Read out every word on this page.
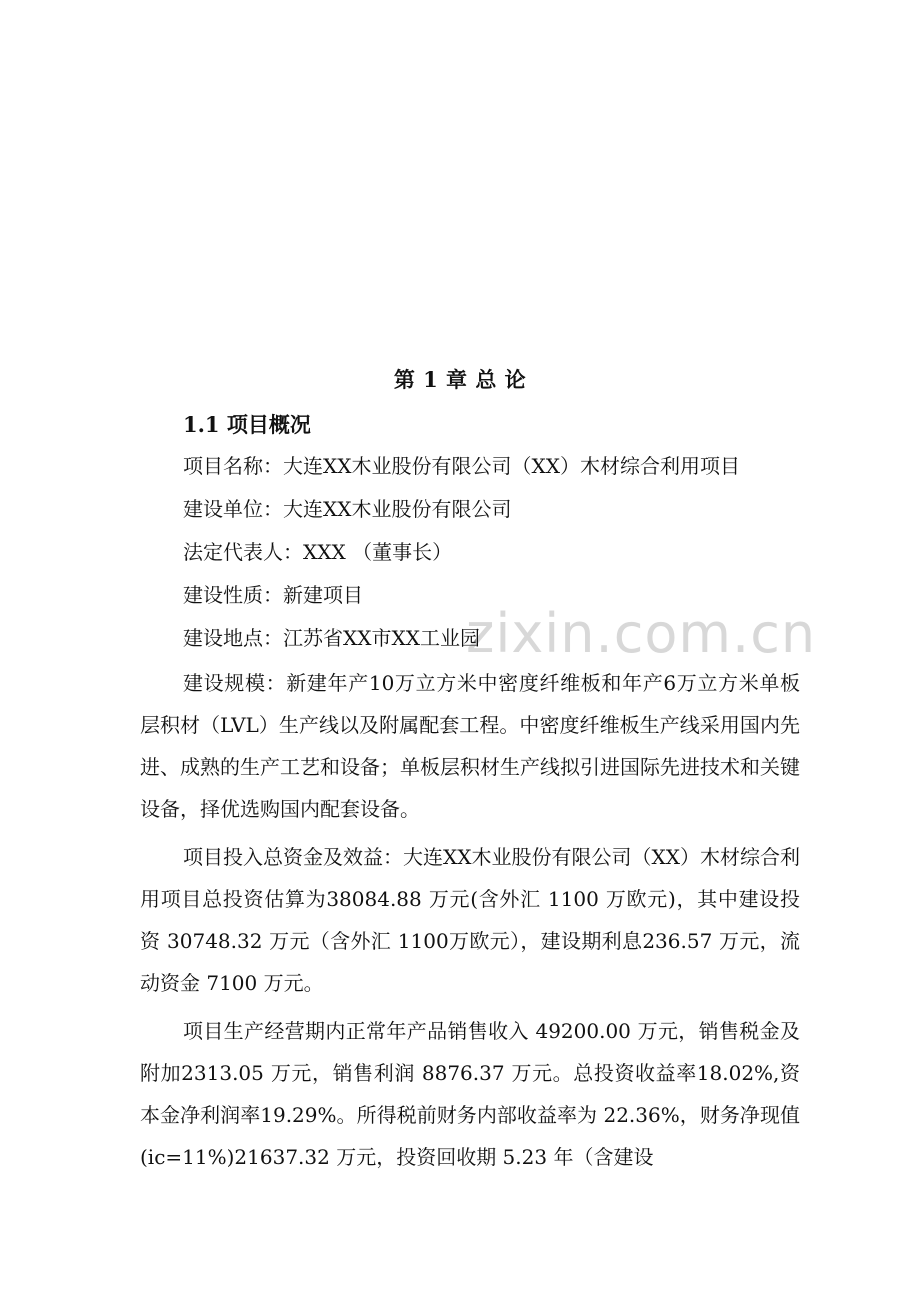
zixin.com.cn
第 1 章 总 论
1.1 项目概况
项目名称：大连XX木业股份有限公司（XX）木材综合利用项目
建设单位：大连XX木业股份有限公司
法定代表人：XXX （董事长）
建设性质：新建项目
建设地点：江苏省XX市XX工业园

建设规模：新建年产10万立方米中密度纤维板和年产6万立方米单板层积材（LVL）生产线以及附属配套工程。中密度纤维板生产线采用国内先进、成熟的生产工艺和设备；单板层积材生产线拟引进国际先进技术和关键设备，择优选购国内配套设备。

项目投入总资金及效益：大连XX木业股份有限公司（XX）木材综合利用项目总投资估算为38084.88 万元(含外汇 1100 万欧元)，其中建设投资 30748.32 万元（含外汇 1100万欧元），建设期利息236.57 万元，流动资金 7100 万元。

项目生产经营期内正常年产品销售收入 49200.00 万元，销售税金及附加2313.05 万元，销售利润 8876.37 万元。总投资收益率18.02%,资本金净利润率19.29%。所得税前财务内部收益率为 22.36%，财务净现值(ic=11%)21637.32 万元，投资回收期 5.23 年（含建设
